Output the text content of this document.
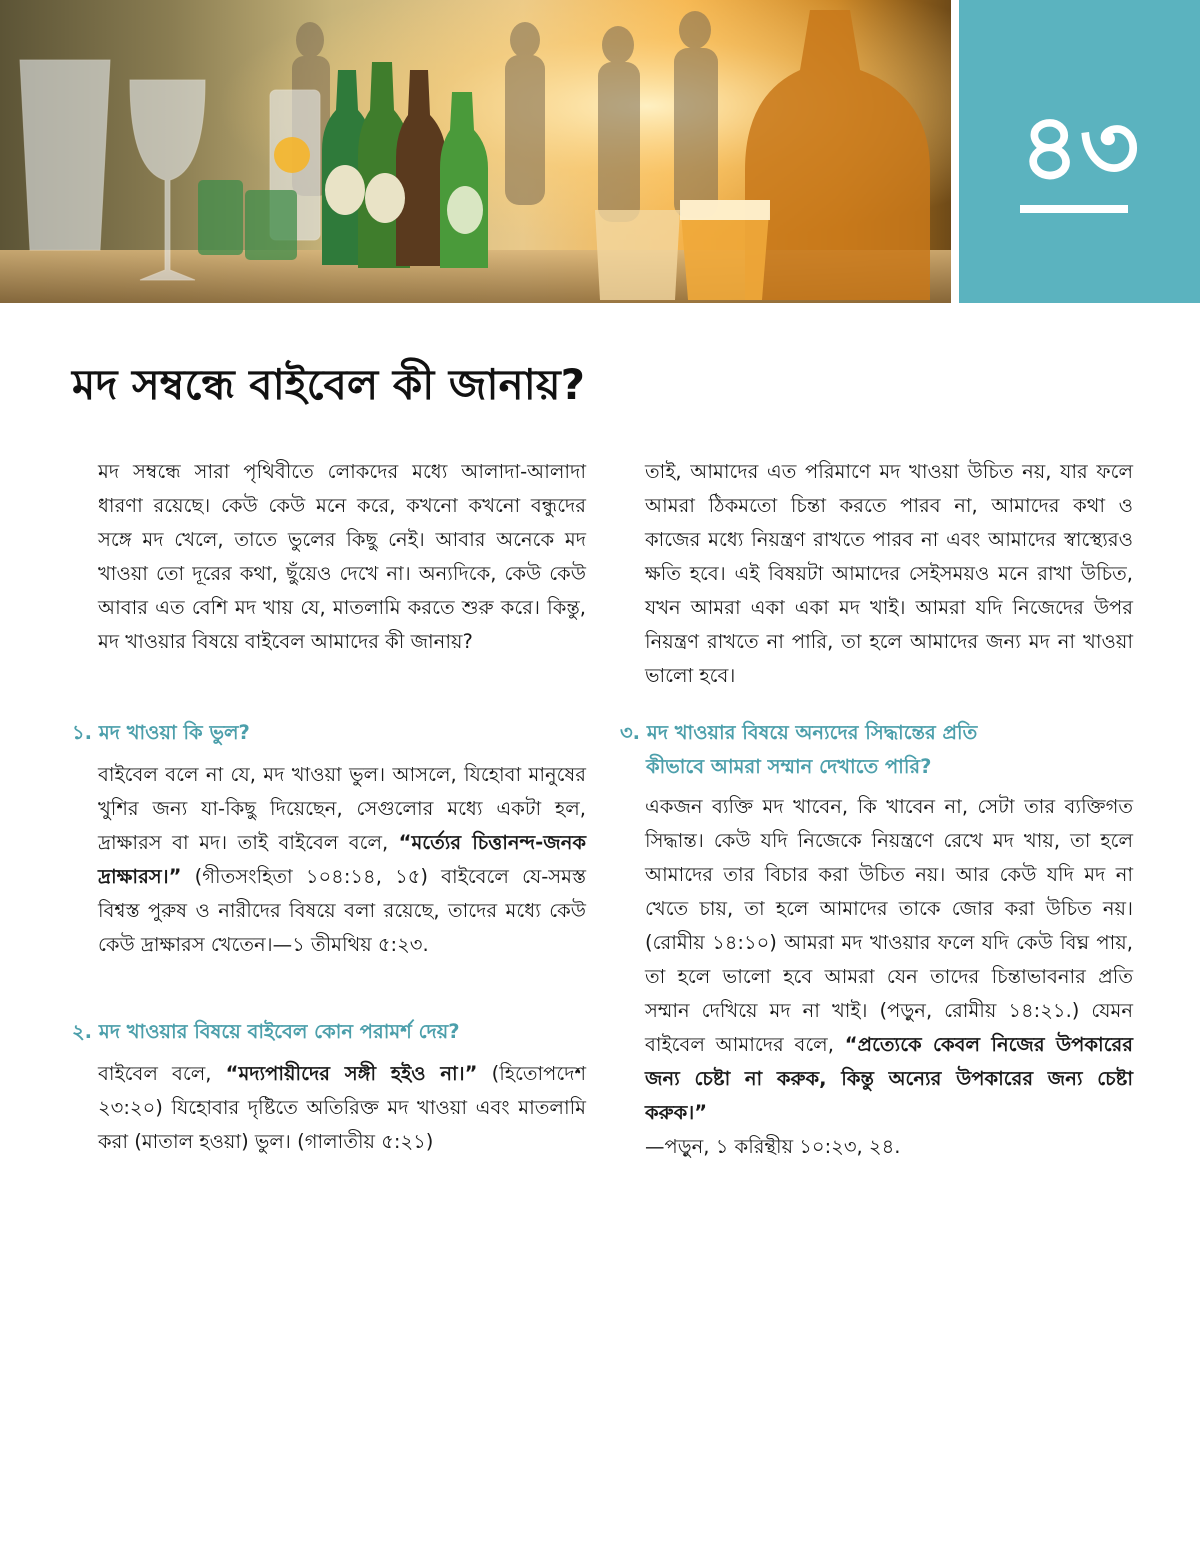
৪৩
মদ সম্বন্ধে বাইবেল কী জানায়?

মদ সম্বন্ধে সারা পৃথিবীতে লোকদের মধ্যে আলাদা-আলাদা ধারণা রয়েছে। কেউ কেউ মনে করে, কখনো কখনো বন্ধুদের সঙ্গে মদ খেলে, তাতে ভুলের কিছু নেই। আবার অনেকে মদ খাওয়া তো দূরের কথা, ছুঁয়েও দেখে না। অন্যদিকে, কেউ কেউ আবার এত বেশি মদ খায় যে, মাতলামি করতে শুরু করে। কিন্তু, মদ খাওয়ার বিষয়ে বাইবেল আমাদের কী জানায়?

১. মদ খাওয়া কি ভুল?

বাইবেল বলে না যে, মদ খাওয়া ভুল। আসলে, যিহোবা মানুষের খুশির জন্য যা-কিছু দিয়েছেন, সেগুলোর মধ্যে একটা হল, দ্রাক্ষারস বা মদ। তাই বাইবেল বলে, “মর্ত্যের চিত্তানন্দ-জনক দ্রাক্ষারস।” (গীতসংহিতা ১০৪:১৪, ১৫) বাইবেলে যে-সমস্ত বিশ্বস্ত পুরুষ ও নারীদের বিষয়ে বলা রয়েছে, তাদের মধ্যে কেউ কেউ দ্রাক্ষারস খেতেন।—১ তীমথিয় ৫:২৩.

২. মদ খাওয়ার বিষয়ে বাইবেল কোন পরামর্শ দেয়?

বাইবেল বলে, “মদ্যপায়ীদের সঙ্গী হইও না।” (হিতোপদেশ ২৩:২০) যিহোবার দৃষ্টিতে অতিরিক্ত মদ খাওয়া এবং মাতলামি করা (মাতাল হওয়া) ভুল। (গালাতীয় ৫:২১)

তাই, আমাদের এত পরিমাণে মদ খাওয়া উচিত নয়, যার ফলে আমরা ঠিকমতো চিন্তা করতে পারব না, আমাদের কথা ও কাজের মধ্যে নিয়ন্ত্রণ রাখতে পারব না এবং আমাদের স্বাস্থ্যেরও ক্ষতি হবে। এই বিষয়টা আমাদের সেইসময়ও মনে রাখা উচিত, যখন আমরা একা একা মদ খাই। আমরা যদি নিজেদের উপর নিয়ন্ত্রণ রাখতে না পারি, তা হলে আমাদের জন্য মদ না খাওয়া ভালো হবে।

৩. মদ খাওয়ার বিষয়ে অন্যদের সিদ্ধান্তের প্রতি
কীভাবে আমরা সম্মান দেখাতে পারি?

একজন ব্যক্তি মদ খাবেন, কি খাবেন না, সেটা তার ব্যক্তিগত সিদ্ধান্ত। কেউ যদি নিজেকে নিয়ন্ত্রণে রেখে মদ খায়, তা হলে আমাদের তার বিচার করা উচিত নয়। আর কেউ যদি মদ না খেতে চায়, তা হলে আমাদের তাকে জোর করা উচিত নয়। (রোমীয় ১৪:১০) আমরা মদ খাওয়ার ফলে যদি কেউ বিঘ্ন পায়, তা হলে ভালো হবে আমরা যেন তাদের চিন্তাভাবনার প্রতি সম্মান দেখিয়ে মদ না খাই। (পড়ুন, রোমীয় ১৪:২১.) যেমন বাইবেল আমাদের বলে, “প্রত্যেকে কেবল নিজের উপকারের জন্য চেষ্টা না করুক, কিন্তু অন্যের উপকারের জন্য চেষ্টা করুক।”
—পড়ুন, ১ করিন্থীয় ১০:২৩, ২৪.
